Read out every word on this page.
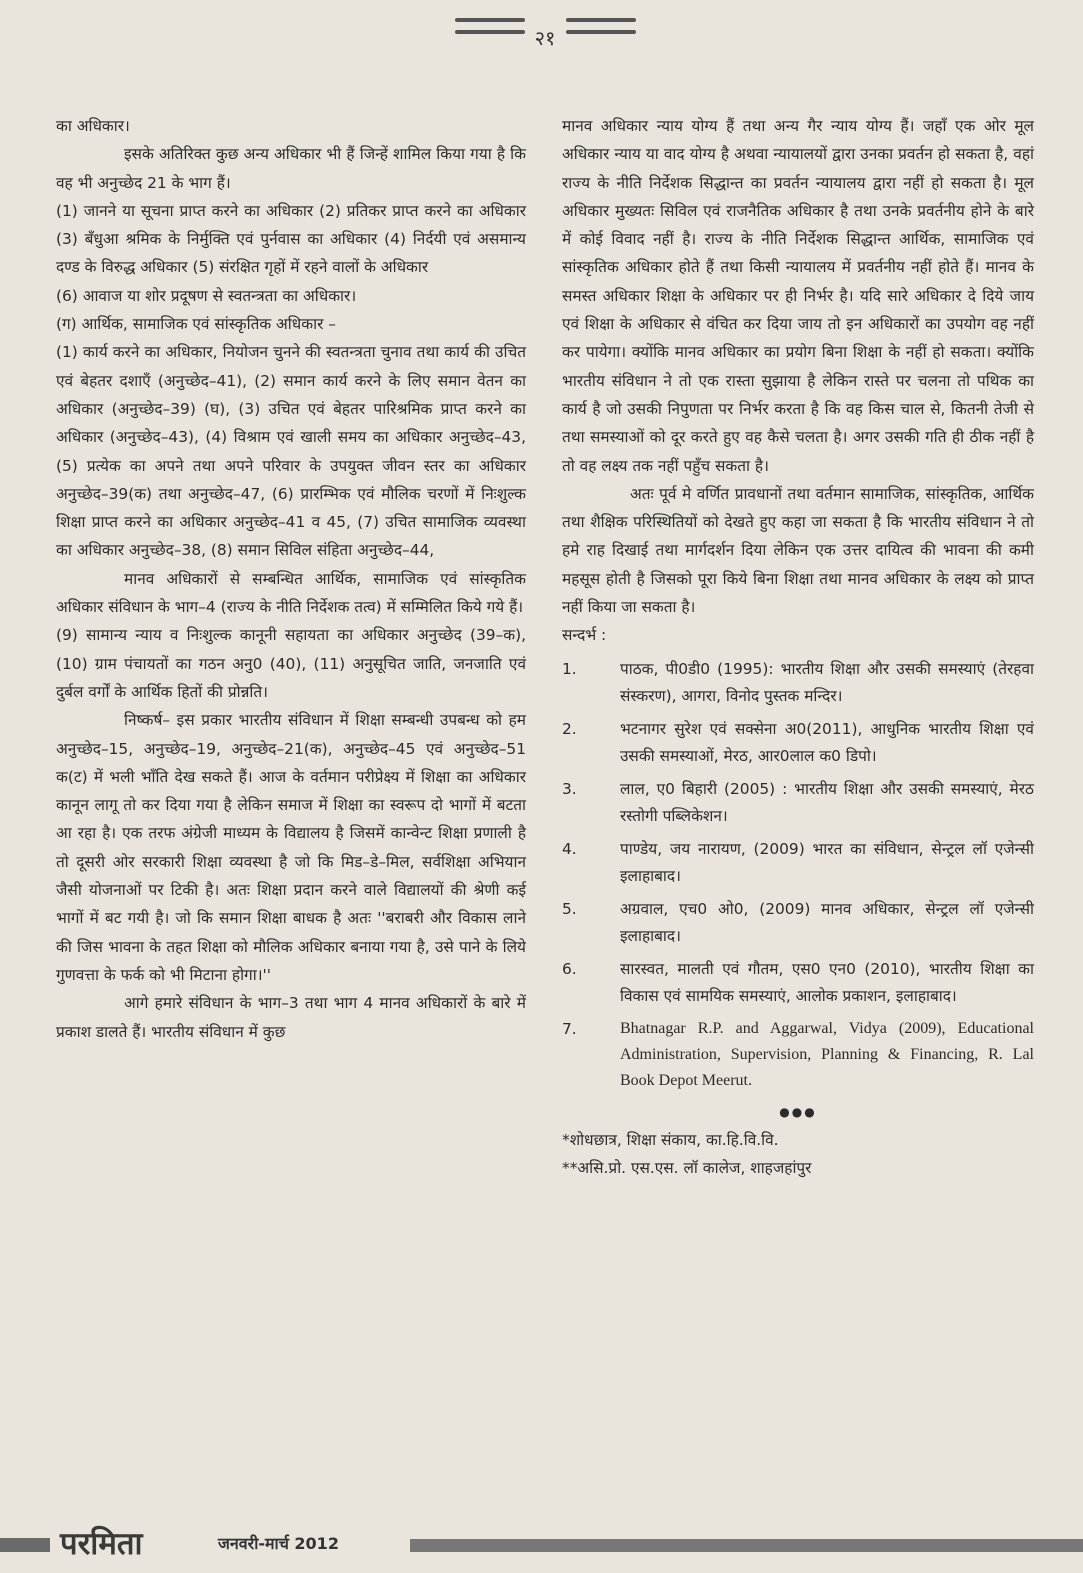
२१

का अधिकार।

इसके अतिरिक्त कुछ अन्य अधिकार भी हैं जिन्हें शामिल किया गया है कि वह भी अनुच्छेद 21 के भाग हैं।

(1) जानने या सूचना प्राप्त करने का अधिकार (2) प्रतिकर प्राप्त करने का अधिकार (3) बँधुआ श्रमिक के निर्मुक्ति एवं पुर्नवास का अधिकार (4) निर्दयी एवं असमान्य दण्ड के विरुद्ध अधिकार (5) संरक्षित गृहों में रहने वालों के अधिकार

(6) आवाज या शोर प्रदूषण से स्वतन्त्रता का अधिकार।

(ग) आर्थिक, सामाजिक एवं सांस्कृतिक अधिकार –

(1) कार्य करने का अधिकार, नियोजन चुनने की स्वतन्त्रता चुनाव तथा कार्य की उचित एवं बेहतर दशाएँ (अनुच्छेद–41), (2) समान कार्य करने के लिए समान वेतन का अधिकार (अनुच्छेद–39) (घ), (3) उचित एवं बेहतर पारिश्रमिक प्राप्त करने का अधिकार (अनुच्छेद–43), (4) विश्राम एवं खाली समय का अधिकार अनुच्छेद–43, (5) प्रत्येक का अपने तथा अपने परिवार के उपयुक्त जीवन स्तर का अधिकार अनुच्छेद–39(क) तथा अनुच्छेद–47, (6) प्रारम्भिक एवं मौलिक चरणों में निःशुल्क शिक्षा प्राप्त करने का अधिकार अनुच्छेद–41 व 45, (7) उचित सामाजिक व्यवस्था का अधिकार अनुच्छेद–38, (8) समान सिविल संहिता अनुच्छेद–44,

मानव अधिकारों से सम्बन्धित आर्थिक, सामाजिक एवं सांस्कृतिक अधिकार संविधान के भाग–4 (राज्य के नीति निर्देशक तत्व) में सम्मिलित किये गये हैं।

(9) सामान्य न्याय व निःशुल्क कानूनी सहायता का अधिकार अनुच्छेद (39–क), (10) ग्राम पंचायतों का गठन अनु0 (40), (11) अनुसूचित जाति, जनजाति एवं दुर्बल वर्गों के आर्थिक हितों की प्रोन्नति।

निष्कर्ष– इस प्रकार भारतीय संविधान में शिक्षा सम्बन्धी उपबन्ध को हम अनुच्छेद–15, अनुच्छेद–19, अनुच्छेद–21(क), अनुच्छेद–45 एवं अनुच्छेद–51 क(ट) में भली भाँति देख सकते हैं। आज के वर्तमान परीप्रेक्ष्य में शिक्षा का अधिकार कानून लागू तो कर दिया गया है लेकिन समाज में शिक्षा का स्वरूप दो भागों में बटता आ रहा है। एक तरफ अंग्रेजी माध्यम के विद्यालय है जिसमें कान्वेन्ट शिक्षा प्रणाली है तो दूसरी ओर सरकारी शिक्षा व्यवस्था है जो कि मिड–डे–मिल, सर्वशिक्षा अभियान जैसी योजनाओं पर टिकी है। अतः शिक्षा प्रदान करने वाले विद्यालयों की श्रेणी कई भागों में बट गयी है। जो कि समान शिक्षा बाधक है अतः ''बराबरी और विकास लाने की जिस भावना के तहत शिक्षा को मौलिक अधिकार बनाया गया है, उसे पाने के लिये गुणवत्ता के फर्क को भी मिटाना होगा।''

आगे हमारे संविधान के भाग–3 तथा भाग 4 मानव अधिकारों के बारे में प्रकाश डालते हैं। भारतीय संविधान में कुछ

मानव अधिकार न्याय योग्य हैं तथा अन्य गैर न्याय योग्य हैं। जहाँ एक ओर मूल अधिकार न्याय या वाद योग्य है अथवा न्यायालयों द्वारा उनका प्रवर्तन हो सकता है, वहां राज्य के नीति निर्देशक सिद्धान्त का प्रवर्तन न्यायालय द्वारा नहीं हो सकता है। मूल अधिकार मुख्यतः सिविल एवं राजनैतिक अधिकार है तथा उनके प्रवर्तनीय होने के बारे में कोई विवाद नहीं है। राज्य के नीति निर्देशक सिद्धान्त आर्थिक, सामाजिक एवं सांस्कृतिक अधिकार होते हैं तथा किसी न्यायालय में प्रवर्तनीय नहीं होते हैं। मानव के समस्त अधिकार शिक्षा के अधिकार पर ही निर्भर है। यदि सारे अधिकार दे दिये जाय एवं शिक्षा के अधिकार से वंचित कर दिया जाय तो इन अधिकारों का उपयोग वह नहीं कर पायेगा। क्योंकि मानव अधिकार का प्रयोग बिना शिक्षा के नहीं हो सकता। क्योंकि भारतीय संविधान ने तो एक रास्ता सुझाया है लेकिन रास्ते पर चलना तो पथिक का कार्य है जो उसकी निपुणता पर निर्भर करता है कि वह किस चाल से, कितनी तेजी से तथा समस्याओं को दूर करते हुए वह कैसे चलता है। अगर उसकी गति ही ठीक नहीं है तो वह लक्ष्य तक नहीं पहुँच सकता है।

अतः पूर्व मे वर्णित प्रावधानों तथा वर्तमान सामाजिक, सांस्कृतिक, आर्थिक तथा शैक्षिक परिस्थितियों को देखते हुए कहा जा सकता है कि भारतीय संविधान ने तो हमे राह दिखाई तथा मार्गदर्शन दिया लेकिन एक उत्तर दायित्व की भावना की कमी महसूस होती है जिसको पूरा किये बिना शिक्षा तथा मानव अधिकार के लक्ष्य को प्राप्त नहीं किया जा सकता है।

सन्दर्भ :

1.	पाठक, पी0डी0 (1995): भारतीय शिक्षा और उसकी समस्याएं (तेरहवा संस्करण), आगरा, विनोद पुस्तक मन्दिर।
2.	भटनागर सुरेश एवं सक्सेना अ0(2011), आधुनिक भारतीय शिक्षा एवं उसकी समस्याओं, मेरठ, आर0लाल क0 डिपो।
3.	लाल, ए0 बिहारी (2005) : भारतीय शिक्षा और उसकी समस्याएं, मेरठ रस्तोगी पब्लिकेशन।
4.	पाण्डेय, जय नारायण, (2009) भारत का संविधान, सेन्ट्रल लॉ एजेन्सी इलाहाबाद।
5.	अग्रवाल, एच0 ओ0, (2009) मानव अधिकार, सेन्ट्रल लॉ एजेन्सी इलाहाबाद।
6.	सारस्वत, मालती एवं गौतम, एस0 एन0 (2010), भारतीय शिक्षा का विकास एवं सामयिक समस्याएं, आलोक प्रकाशन, इलाहाबाद।
7.	Bhatnagar R.P. and Aggarwal, Vidya (2009), Educational Administration, Supervision, Planning & Financing, R. Lal Book Depot Meerut.
●●●

*शोधछात्र, शिक्षा संकाय, का.हि.वि.वि.

**असि.प्रो. एस.एस. लॉ कालेज, शाहजहांपुर

परमिता	जनवरी-मार्च 2012
